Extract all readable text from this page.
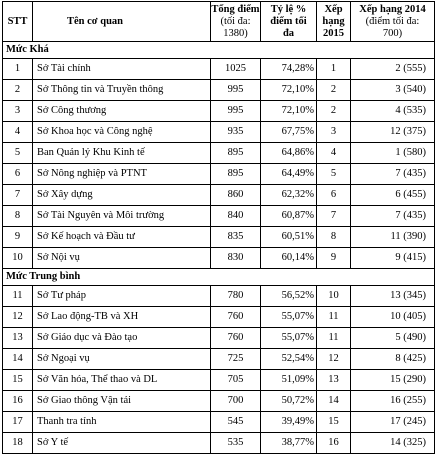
STT	Tên cơ quan	Tổng điểm
(tối đa:
1380)	Tỷ lệ %
điểm tối
đa	Xếp
hạng
2015	Xếp hạng 2014
(điểm tối đa:
700)

Mức Khá					
1	Sở Tài chính	1025	74,28%	1	2 (555)
2	Sở Thông tin và Truyền thông	995	72,10%	2	3 (540)
3	Sở Công thương	995	72,10%	2	4 (535)
4	Sở Khoa học và Công nghệ	935	67,75%	3	12 (375)
5	Ban Quản lý Khu Kinh tế	895	64,86%	4	1 (580)
6	Sở Nông nghiệp và PTNT	895	64,49%	5	7 (435)
7	Sở Xây dựng	860	62,32%	6	6 (455)
8	Sở Tài Nguyên và Môi trường	840	60,87%	7	7 (435)
9	Sở Kế hoạch và Đầu tư	835	60,51%	8	11 (390)
10	Sở Nội vụ	830	60,14%	9	9 (415)
Mức Trung bình					
11	Sở Tư pháp	780	56,52%	10	13 (345)
12	Sở Lao động-TB và XH	760	55,07%	11	10 (405)
13	Sở Giáo dục và Đào tạo	760	55,07%	11	5 (490)
14	Sở Ngoại vụ	725	52,54%	12	8 (425)
15	Sở Văn hóa, Thể thao và DL	705	51,09%	13	15 (290)
16	Sở Giao thông Vận tải	700	50,72%	14	16 (255)
17	Thanh tra tỉnh	545	39,49%	15	17 (245)
18	Sở Y tế	535	38,77%	16	14 (325)
